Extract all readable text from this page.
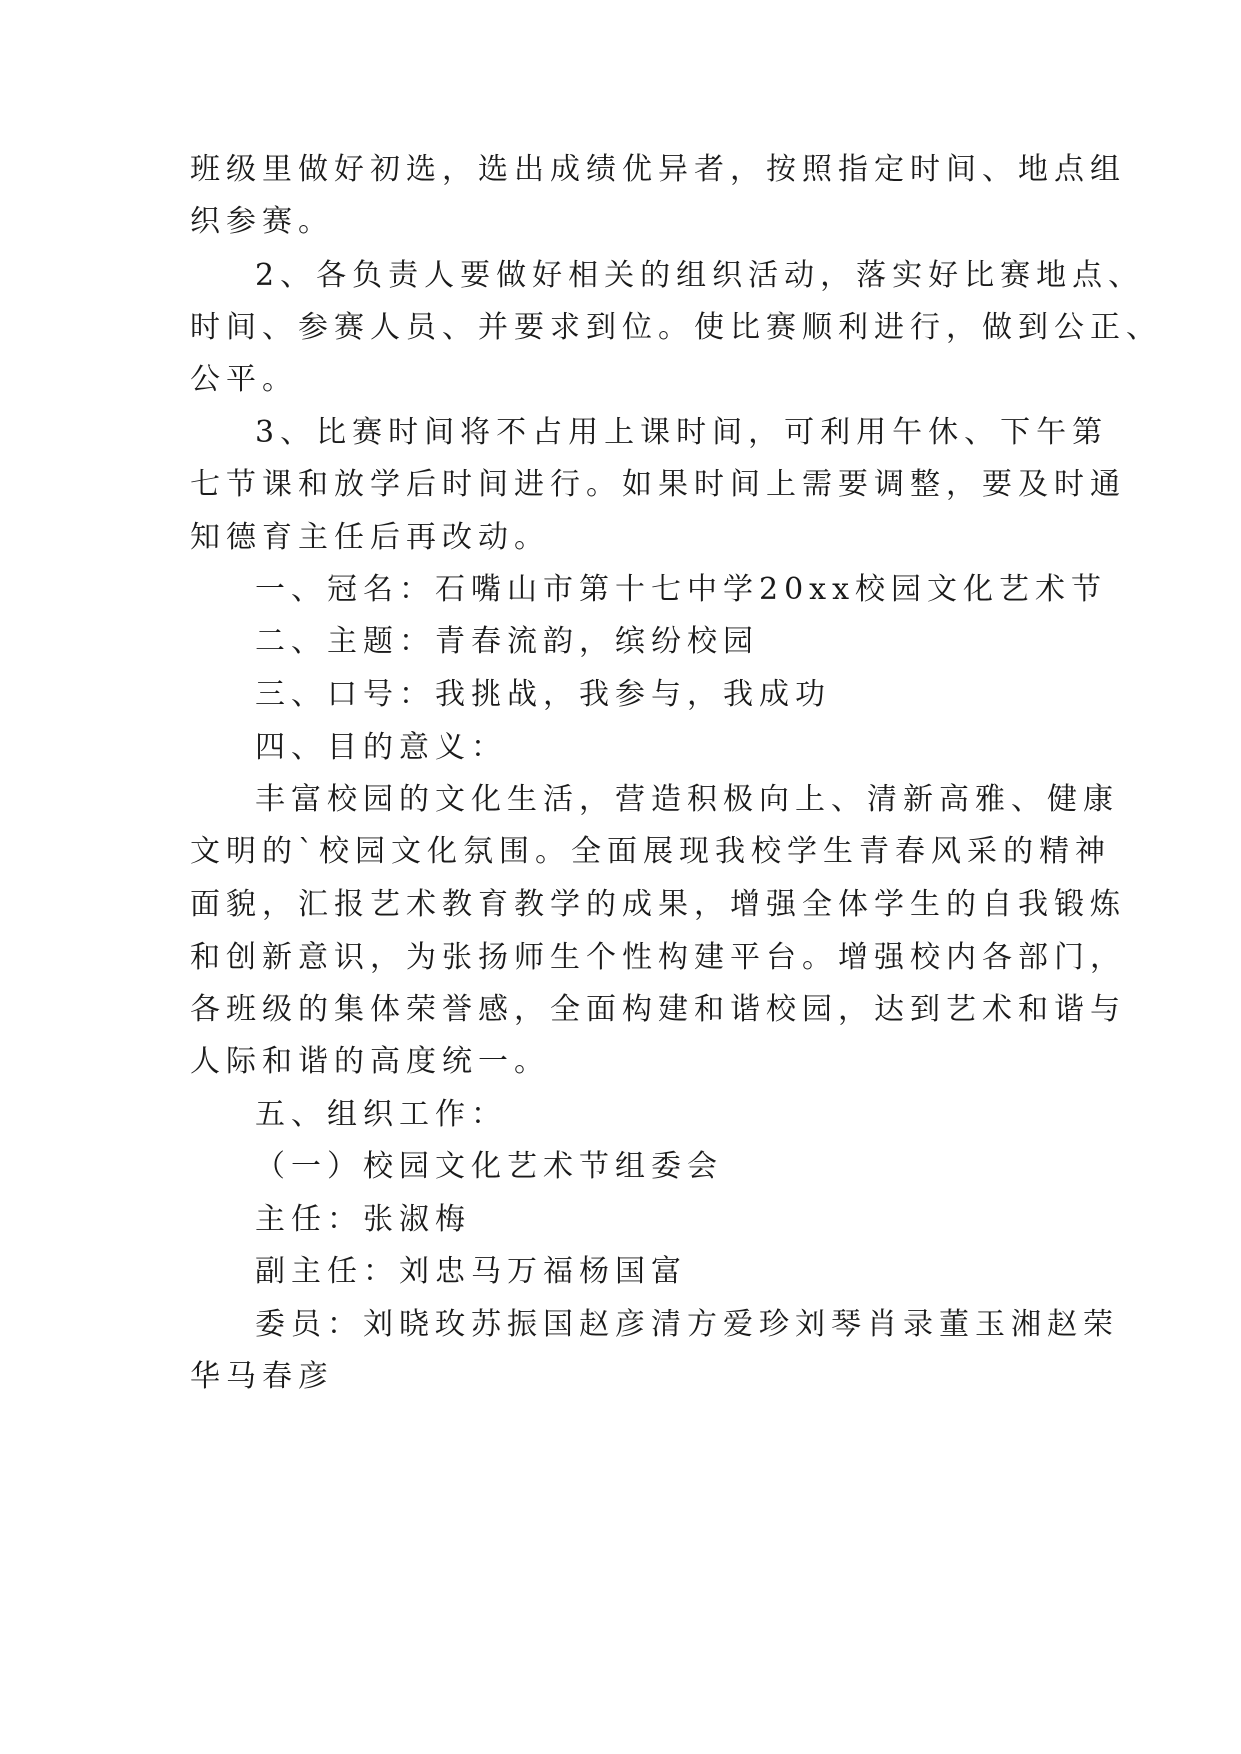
班级里做好初选，选出成绩优异者，按照指定时间、地点组
织参赛。
2、各负责人要做好相关的组织活动，落实好比赛地点、
时间、参赛人员、并要求到位。使比赛顺利进行，做到公正、
公平。
3、比赛时间将不占用上课时间，可利用午休、下午第
七节课和放学后时间进行。如果时间上需要调整，要及时通
知德育主任后再改动。
一、冠名：石嘴山市第十七中学20xx校园文化艺术节
二、主题：青春流韵，缤纷校园
三、口号：我挑战，我参与，我成功
四、目的意义：
丰富校园的文化生活，营造积极向上、清新高雅、健康
文明的`校园文化氛围。全面展现我校学生青春风采的精神
面貌，汇报艺术教育教学的成果，增强全体学生的自我锻炼
和创新意识，为张扬师生个性构建平台。增强校内各部门，
各班级的集体荣誉感，全面构建和谐校园，达到艺术和谐与
人际和谐的高度统一。
五、组织工作：
（一）校园文化艺术节组委会
主任：张淑梅
副主任：刘忠马万福杨国富
委员：刘晓玫苏振国赵彦清方爱珍刘琴肖录董玉湘赵荣
华马春彦
